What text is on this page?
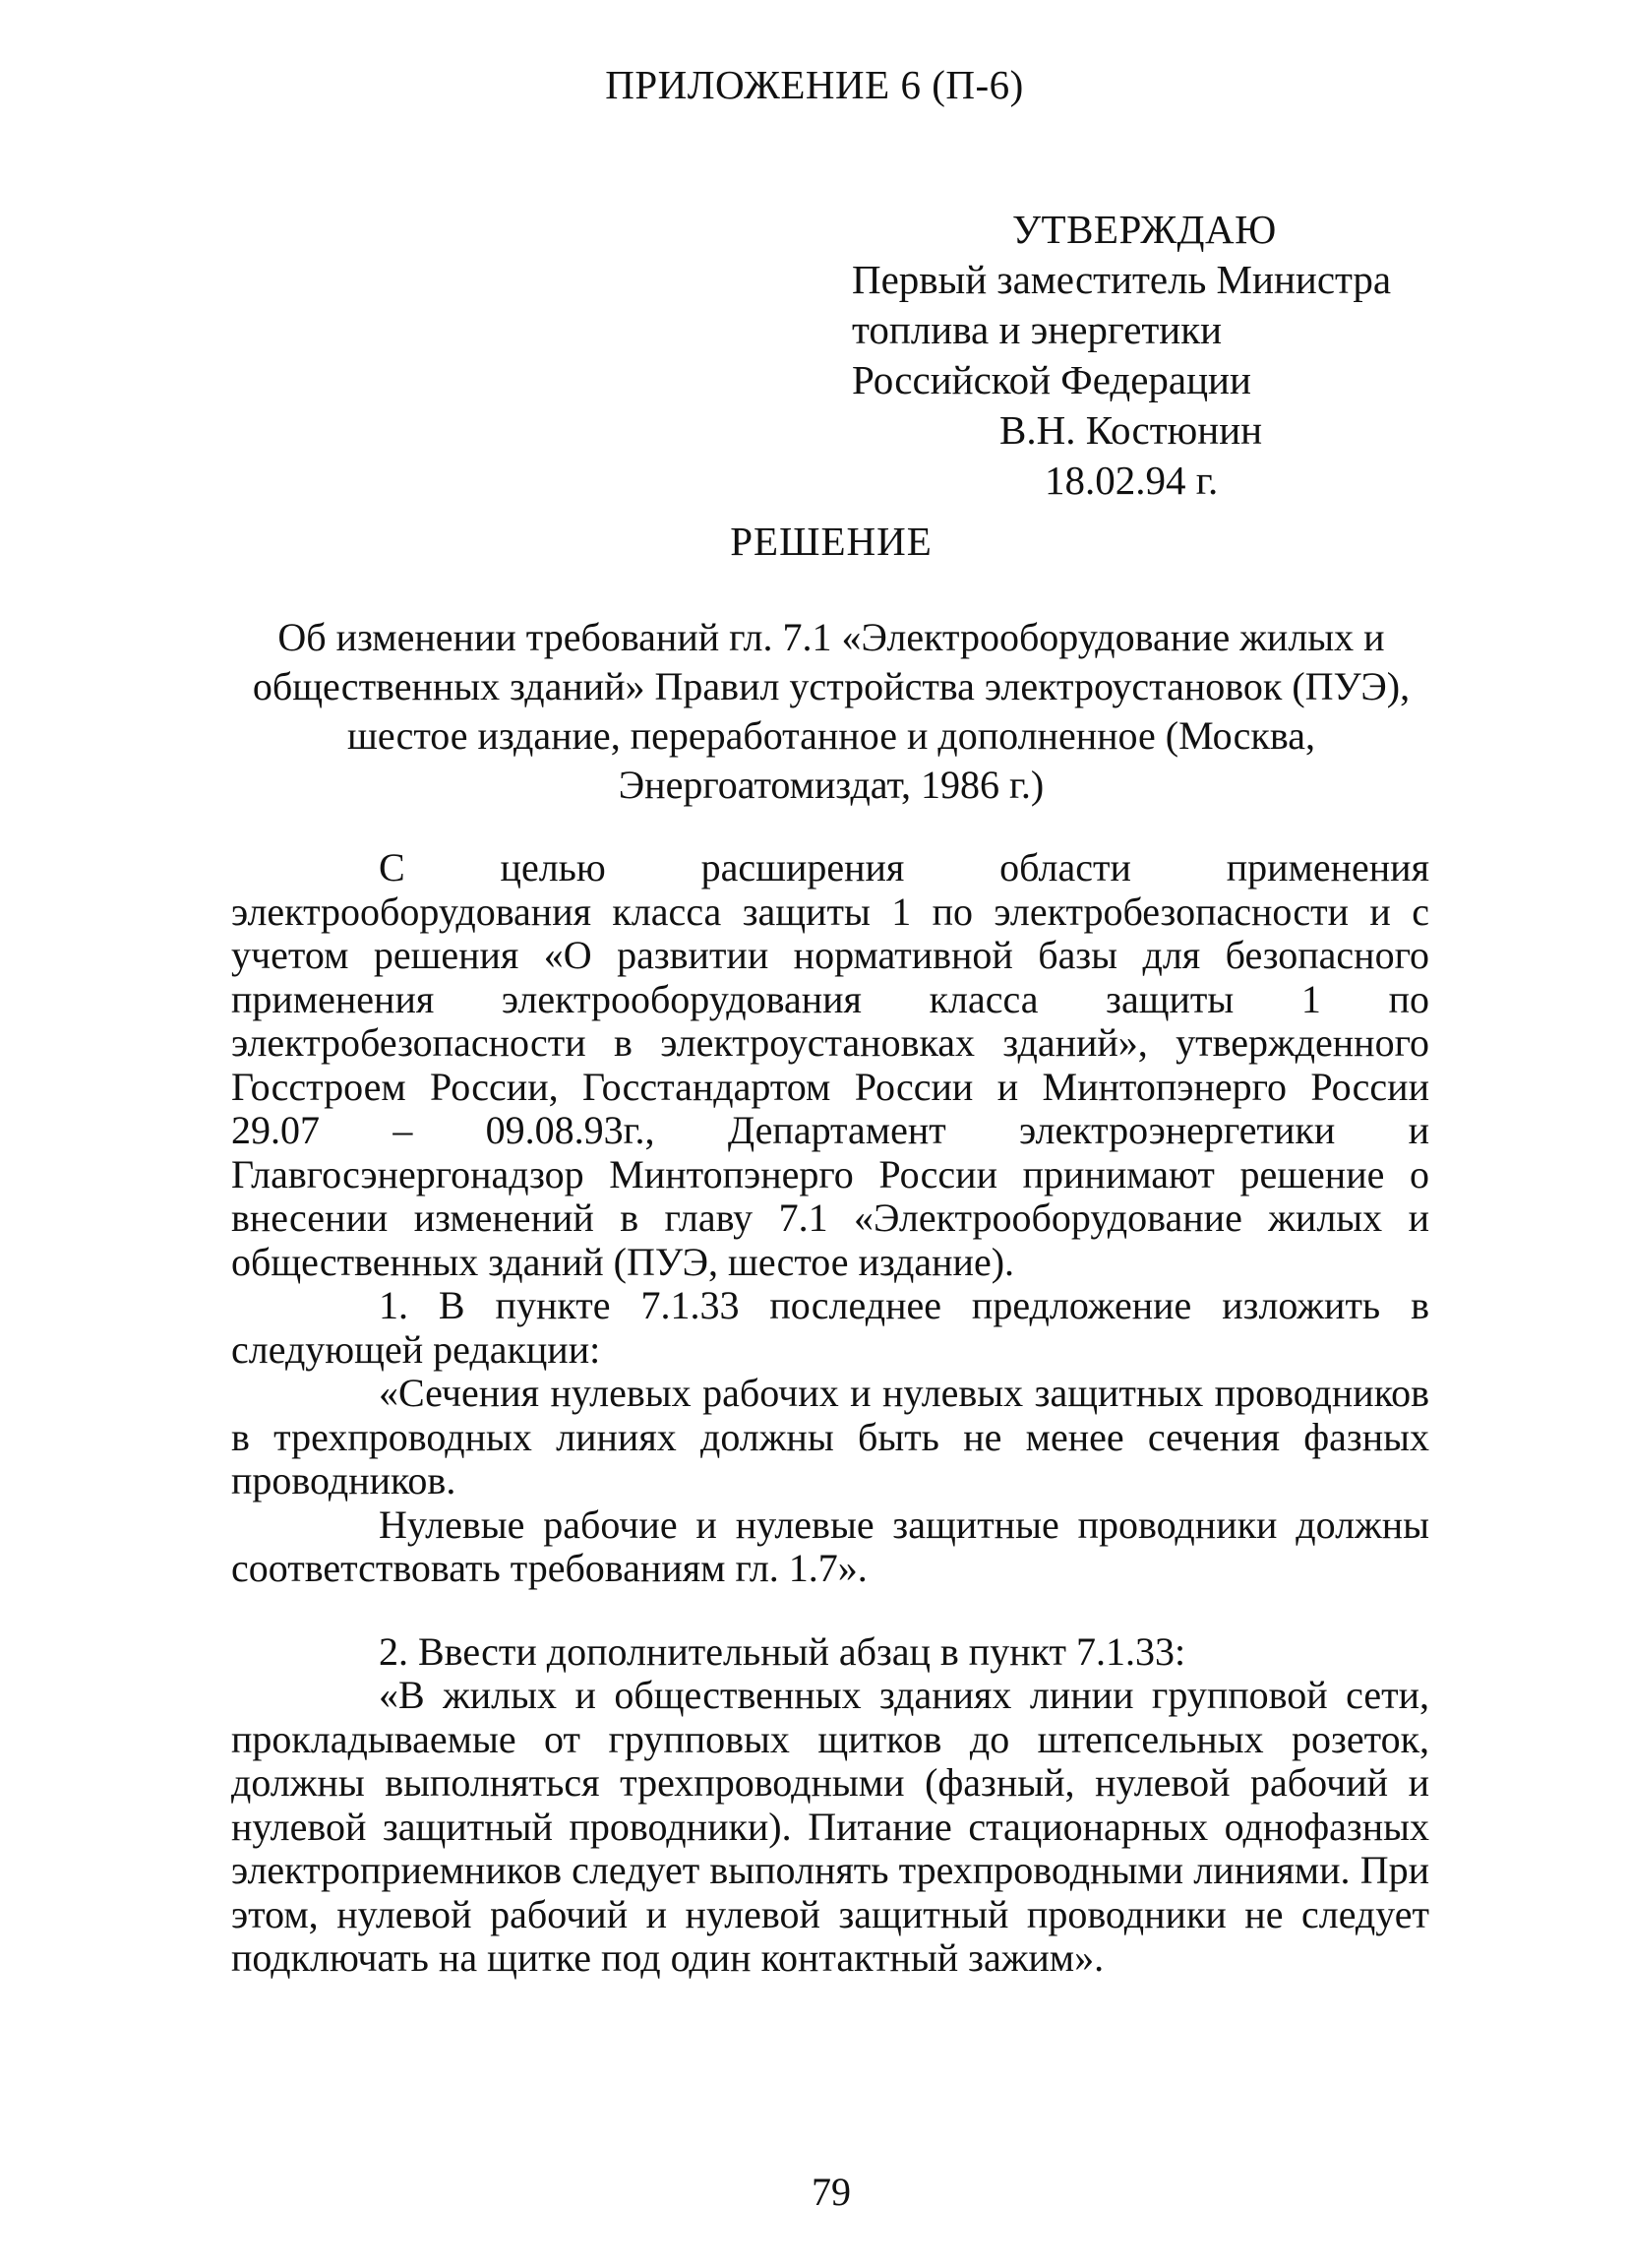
ПРИЛОЖЕНИЕ 6 (П-6)
УТВЕРЖДАЮ
Первый заместитель Министра
топлива и энергетики
Российской Федерации
В.Н. Костюнин
18.02.94 г.
РЕШЕНИЕ
Об изменении требований гл. 7.1 «Электрооборудование жилых и
общественных зданий» Правил устройства электроустановок (ПУЭ),
шестое издание, переработанное и дополненное (Москва,
Энергоатомиздат, 1986 г.)

С целью расширения области применения электрооборудования класса защиты 1 по электробезопасности и с учетом решения «О развитии нормативной базы для безопасного применения электрооборудования класса защиты 1 по электробезопасности в электроустановках зданий», утвержденного Госстроем России, Госстандартом России и Минтопэнерго России 29.07 – 09.08.93г., Департамент электроэнергетики и Главгосэнергонадзор Минтопэнерго России принимают решение о внесении изменений в главу 7.1 «Электрооборудование жилых и общественных зданий (ПУЭ, шестое издание).

1. В пункте 7.1.33 последнее предложение изложить в следующей редакции:

«Сечения нулевых рабочих и нулевых защитных проводников в трехпроводных линиях должны быть не менее сечения фазных проводников.

Нулевые рабочие и нулевые защитные проводники должны соответствовать требованиям гл. 1.7».

2. Ввести дополнительный абзац в пункт 7.1.33:

«В жилых и общественных зданиях линии групповой сети, прокладываемые от групповых щитков до штепсельных розеток, должны выполняться трехпроводными (фазный, нулевой рабочий и нулевой защитный проводники). Питание стационарных однофазных электроприемников следует выполнять трехпроводными линиями. При этом, нулевой рабочий и нулевой защитный проводники не следует подключать на щитке под один контактный зажим».

79
